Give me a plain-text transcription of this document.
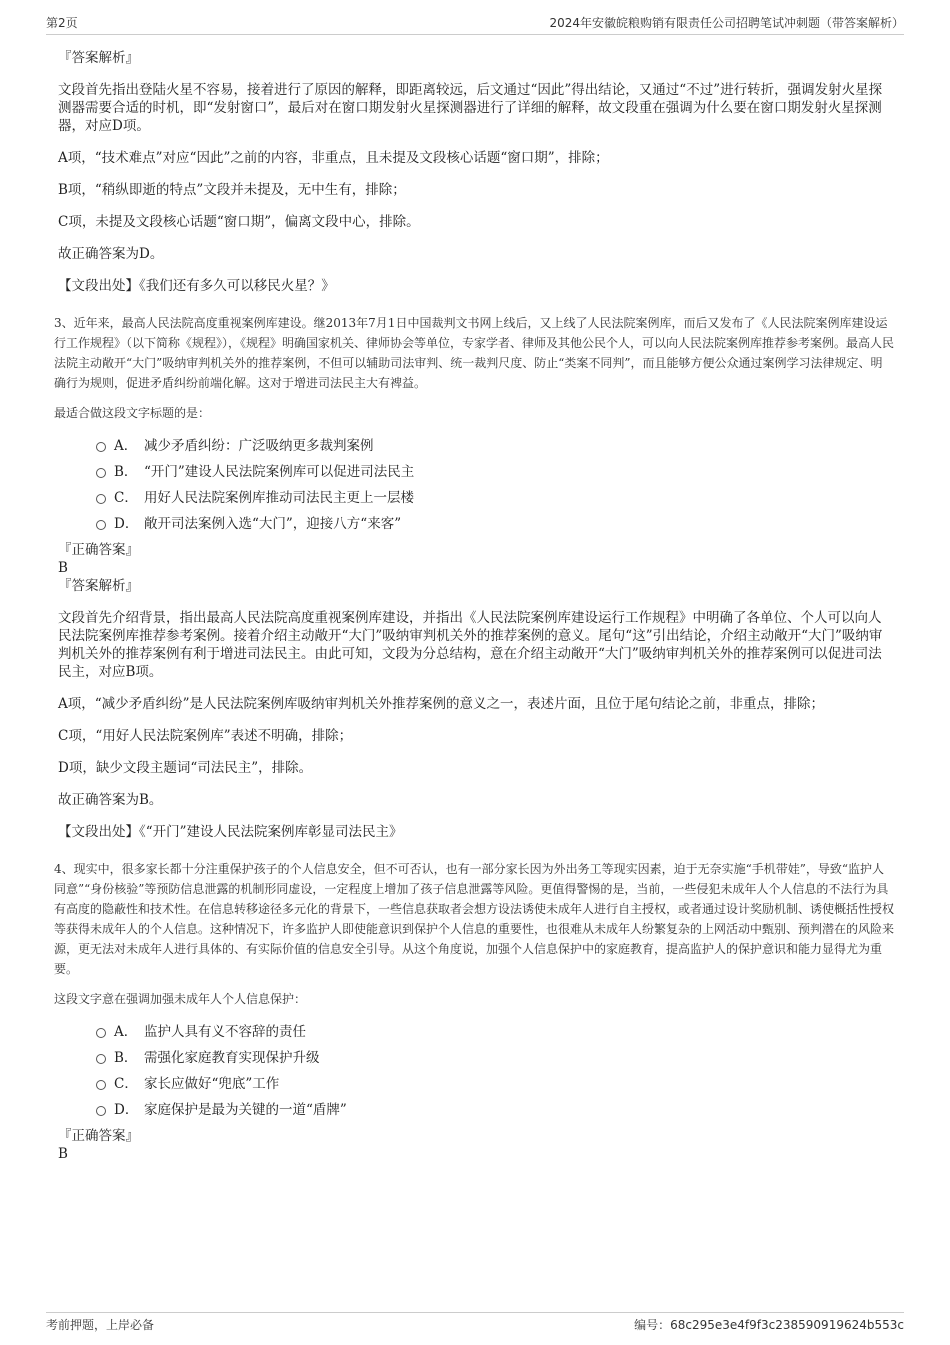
第2页	2024年安徽皖粮购销有限责任公司招聘笔试冲刺题（带答案解析）

『答案解析』

文段首先指出登陆火星不容易，接着进行了原因的解释，即距离较远，后文通过“因此”得出结论，又通过“不过”进行转折，强调发射火星探测器需要合适的时机，即“发射窗口”，最后对在窗口期发射火星探测器进行了详细的解释，故文段重在强调为什么要在窗口期发射火星探测器，对应D项。

A项，“技术难点”对应“因此”之前的内容，非重点，且未提及文段核心话题“窗口期”，排除；

B项，“稍纵即逝的特点”文段并未提及，无中生有，排除；

C项，未提及文段核心话题“窗口期”，偏离文段中心，排除。

故正确答案为D。

【文段出处】《我们还有多久可以移民火星？》

3、近年来，最高人民法院高度重视案例库建设。继2013年7月1日中国裁判文书网上线后，又上线了人民法院案例库，而后又发布了《人民法院案例库建设运行工作规程》（以下简称《规程》），《规程》明确国家机关、律师协会等单位，专家学者、律师及其他公民个人，可以向人民法院案例库推荐参考案例。最高人民法院主动敞开“大门”吸纳审判机关外的推荐案例，不但可以辅助司法审判、统一裁判尺度、防止“类案不同判”，而且能够方便公众通过案例学习法律规定、明确行为规则，促进矛盾纠纷前端化解。这对于增进司法民主大有裨益。

最适合做这段文字标题的是：

A． 减少矛盾纠纷：广泛吸纳更多裁判案例
B． “开门”建设人民法院案例库可以促进司法民主
C． 用好人民法院案例库推动司法民主更上一层楼
D． 敞开司法案例入选“大门”，迎接八方“来客”

『正确答案』

B

『答案解析』

文段首先介绍背景，指出最高人民法院高度重视案例库建设，并指出《人民法院案例库建设运行工作规程》中明确了各单位、个人可以向人民法院案例库推荐参考案例。接着介绍主动敞开“大门”吸纳审判机关外的推荐案例的意义。尾句“这”引出结论，介绍主动敞开“大门”吸纳审判机关外的推荐案例有利于增进司法民主。由此可知，文段为分总结构，意在介绍主动敞开“大门”吸纳审判机关外的推荐案例可以促进司法民主，对应B项。

A项，“减少矛盾纠纷”是人民法院案例库吸纳审判机关外推荐案例的意义之一，表述片面，且位于尾句结论之前，非重点，排除；

C项，“用好人民法院案例库”表述不明确，排除；

D项，缺少文段主题词“司法民主”，排除。

故正确答案为B。

【文段出处】《“开门”建设人民法院案例库彰显司法民主》

4、现实中，很多家长都十分注重保护孩子的个人信息安全，但不可否认，也有一部分家长因为外出务工等现实因素，迫于无奈实施“手机带娃”，导致“监护人同意”“身份核验”等预防信息泄露的机制形同虚设，一定程度上增加了孩子信息泄露等风险。更值得警惕的是，当前，一些侵犯未成年人个人信息的不法行为具有高度的隐蔽性和技术性。在信息转移途径多元化的背景下，一些信息获取者会想方设法诱使未成年人进行自主授权，或者通过设计奖励机制、诱使概括性授权等获得未成年人的个人信息。这种情况下，许多监护人即使能意识到保护个人信息的重要性，也很难从未成年人纷繁复杂的上网活动中甄别、预判潜在的风险来源，更无法对未成年人进行具体的、有实际价值的信息安全引导。从这个角度说，加强个人信息保护中的家庭教育，提高监护人的保护意识和能力显得尤为重要。

这段文字意在强调加强未成年人个人信息保护：

A． 监护人具有义不容辞的责任
B． 需强化家庭教育实现保护升级
C． 家长应做好“兜底”工作
D． 家庭保护是最为关键的一道“盾牌”

『正确答案』

B

考前押题，上岸必备	编号：68c295e3e4f9f3c238590919624b553c
